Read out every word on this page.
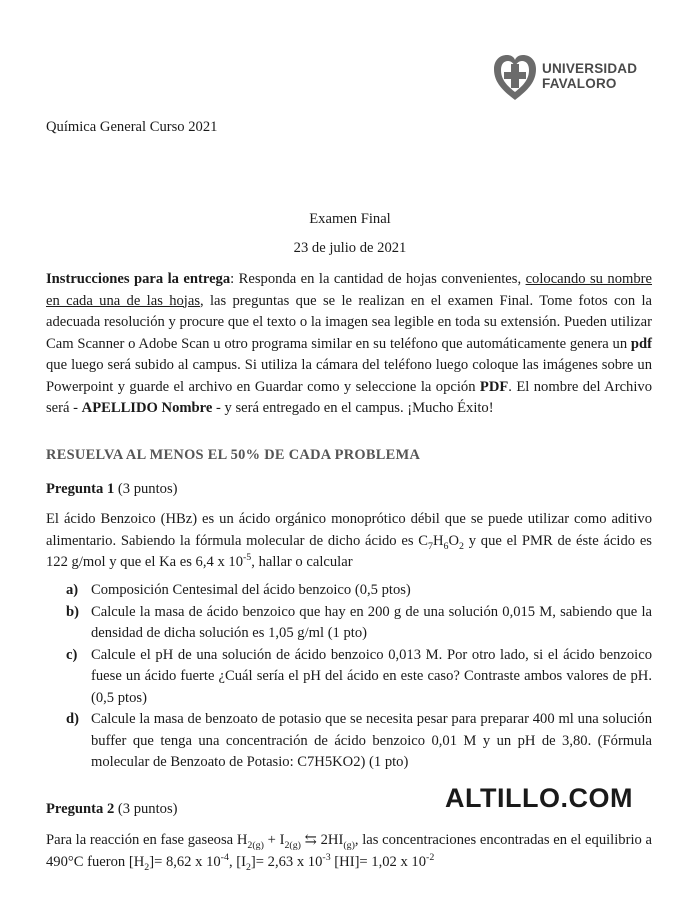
UNIVERSIDAD
FAVALORO
Química General Curso 2021
Examen Final
23 de julio de 2021
Instrucciones para la entrega: Responda en la cantidad de hojas convenientes, colocando su nombre en cada una de las hojas, las preguntas que se le realizan en el examen Final. Tome fotos con la adecuada resolución y procure que el texto o la imagen sea legible en toda su extensión. Pueden utilizar Cam Scanner o Adobe Scan u otro programa similar en su teléfono que automáticamente genera un pdf que luego será subido al campus. Si utiliza la cámara del teléfono luego coloque las imágenes sobre un Powerpoint y guarde el archivo en Guardar como y seleccione la opción PDF. El nombre del Archivo será - APELLIDO Nombre - y será entregado en el campus. ¡Mucho Éxito!
RESUELVA AL MENOS EL 50% DE CADA PROBLEMA
Pregunta 1 (3 puntos)
El ácido Benzoico (HBz) es un ácido orgánico monoprótico débil que se puede utilizar como aditivo alimentario. Sabiendo la fórmula molecular de dicho ácido es $C_7H_6O_2$ y que el PMR de éste ácido es 122 g/mol y que el Ka es 6,4 x $10^{-5}$, hallar o calcular
a) Composición Centesimal del ácido benzoico (0,5 ptos)
b) Calcule la masa de ácido benzoico que hay en 200 g de una solución 0,015 M, sabiendo que la densidad de dicha solución es 1,05 g/ml (1 pto)
c) Calcule el pH de una solución de ácido benzoico 0,013 M. Por otro lado, si el ácido benzoico fuese un ácido fuerte ¿Cuál sería el pH del ácido en este caso? Contraste ambos valores de pH. (0,5 ptos)
d) Calcule la masa de benzoato de potasio que se necesita pesar para preparar 400 ml una solución buffer que tenga una concentración de ácido benzoico 0,01 M y un pH de 3,80. (Fórmula molecular de Benzoato de Potasio: C7H5KO2) (1 pto)
Pregunta 2 (3 puntos)	ALTILLO.COM
Para la reacción en fase gaseosa $H_{2(g)} + I_{2(g)}$ ⇆ $2HI_{(g)}$, las concentraciones encontradas en el equilibrio a 490°C fueron $[H_2]= 8,62$ x $10^{-4}$, $[I_2]= 2,63$ x $10^{-3}$ [HI]= 1,02 x $10^{-2}$
